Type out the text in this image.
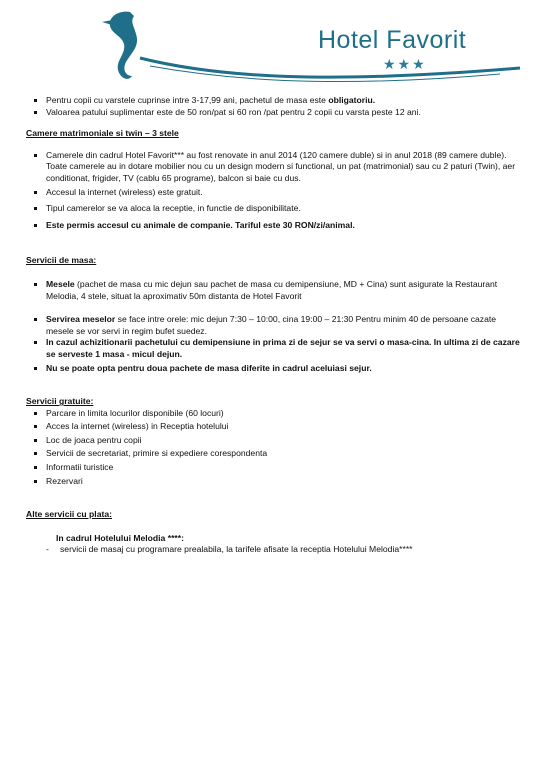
Hotel Favorit
★★★
Pentru copii cu varstele cuprinse intre 3-17,99 ani, pachetul de masa este obligatoriu.
Valoarea patului suplimentar este de 50 ron/pat si 60 ron /pat pentru 2 copii cu varsta peste 12 ani.
Camere matrimoniale si twin – 3 stele
Camerele din cadrul Hotel Favorit*** au fost renovate in anul 2014 (120 camere duble) si in anul 2018 (89 camere duble). Toate camerele au in dotare mobilier nou cu un design modern si functional, un pat (matrimonial) sau cu 2 paturi (Twin), aer conditionat, frigider, TV (cablu 65 programe), balcon si baie cu dus.
Accesul la internet (wireless) este gratuit.
Tipul camerelor se va aloca la receptie, in functie de disponibilitate.
Este permis accesul cu animale de companie. Tariful este 30 RON/zi/animal.
Servicii de masa:
Mesele (pachet de masa cu mic dejun sau pachet de masa cu demipensiune, MD + Cina) sunt asigurate la Restaurant Melodia, 4 stele, situat la aproximativ 50m distanta de Hotel Favorit
Servirea meselor se face intre orele: mic dejun 7:30 – 10:00, cina 19:00 – 21:30 Pentru minim 40 de persoane cazate mesele se vor servi in regim bufet suedez.
In cazul achizitionarii pachetului cu demipensiune in prima zi de sejur se va servi o masa-cina. In ultima zi de cazare se serveste 1 masa - micul dejun.
Nu se poate opta pentru doua pachete de masa diferite in cadrul aceluiasi sejur.
Servicii gratuite:
Parcare in limita locurilor disponibile (60 locuri)
Acces la internet (wireless) in Receptia hotelului
Loc de joaca pentru copii
Servicii de secretariat, primire si expediere corespondenta
Informatii turistice
Rezervari
Alte servicii cu plata:
In cadrul Hotelului Melodia ****:
- servicii de masaj cu programare prealabila, la tarifele afisate la receptia Hotelului Melodia****
